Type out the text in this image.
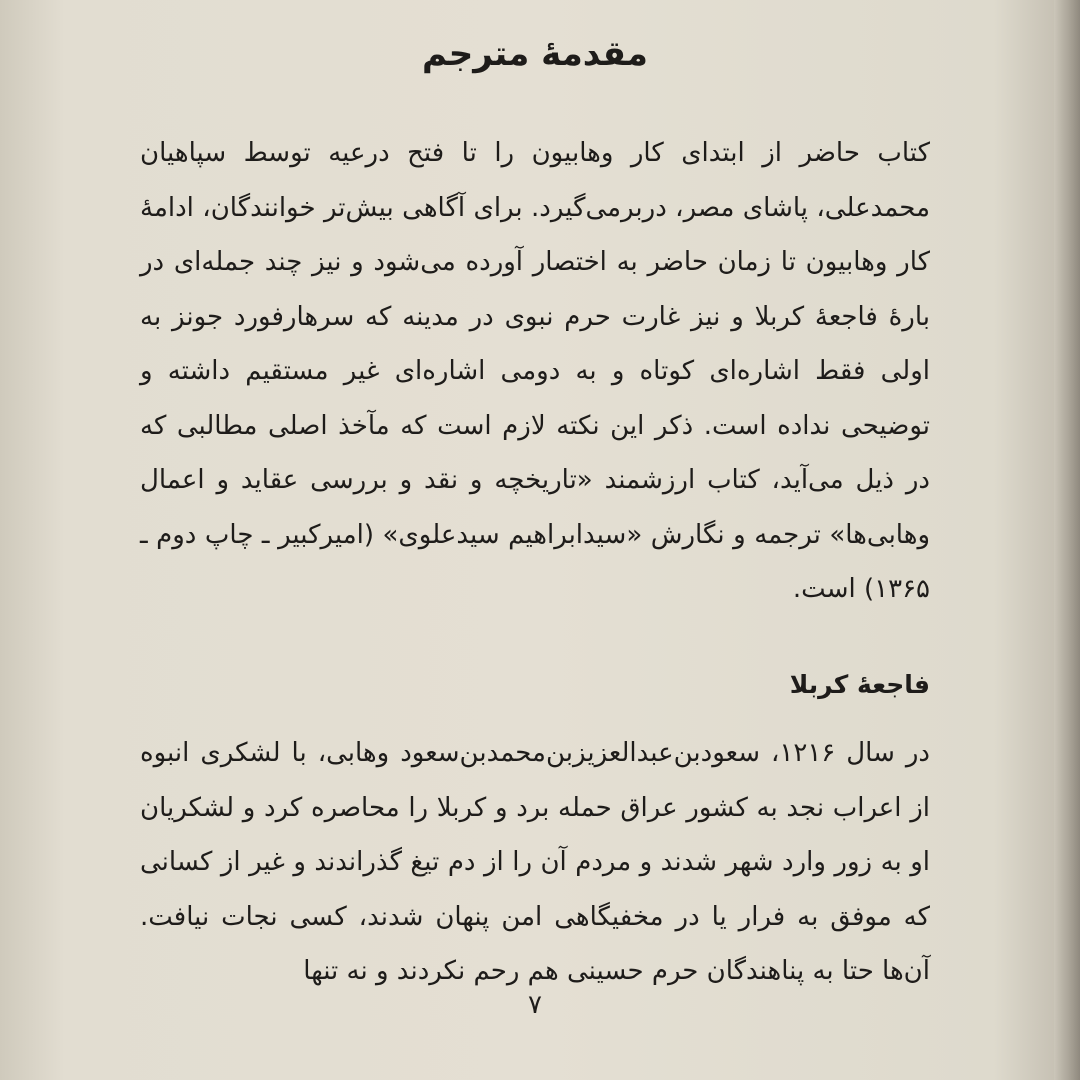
مقدمهٔ مترجم

کتاب حاضر از ابتدای کار وهابیون را تا فتح درعیه توسط سپاهیان محمدعلی، پاشای مصر، دربرمی‌گیرد. برای آگاهی بیش‌تر خوانندگان، ادامهٔ کار وهابیون تا زمان حاضر به اختصار آورده می‌شود و نیز چند جمله‌ای در بارهٔ فاجعهٔ کربلا و نیز غارت حرم نبوی در مدینه که سرهارفورد جونز به اولی فقط اشاره‌ای کوتاه و به دومی اشاره‌ای غیر مستقیم داشته و توضیحی نداده است. ذکر این نکته لازم است که مآخذ اصلی مطالبی که در ذیل می‌آید، کتاب ارزشمند «تاریخچه و نقد و بررسی عقاید و اعمال وهابی‌ها» ترجمه و نگارش «سیدابراهیم سیدعلوی» (امیرکبیر ـ چاپ دوم ـ ۱۳۶۵) است.

فاجعهٔ کربلا

در سال ۱۲۱۶، سعودبن‌عبدالعزیزبن‌محمدبن‌سعود وهابی، با لشکری انبوه از اعراب نجد به کشور عراق حمله برد و کربلا را محاصره کرد و لشکریان او به زور وارد شهر شدند و مردم آن را از دم تیغ گذراندند و غیر از کسانی که موفق به فرار یا در مخفیگاهی امن پنهان شدند، کسی نجات نیافت. آن‌ها حتا به پناهندگان حرم حسینی هم رحم نکردند و نه تنها

۷
